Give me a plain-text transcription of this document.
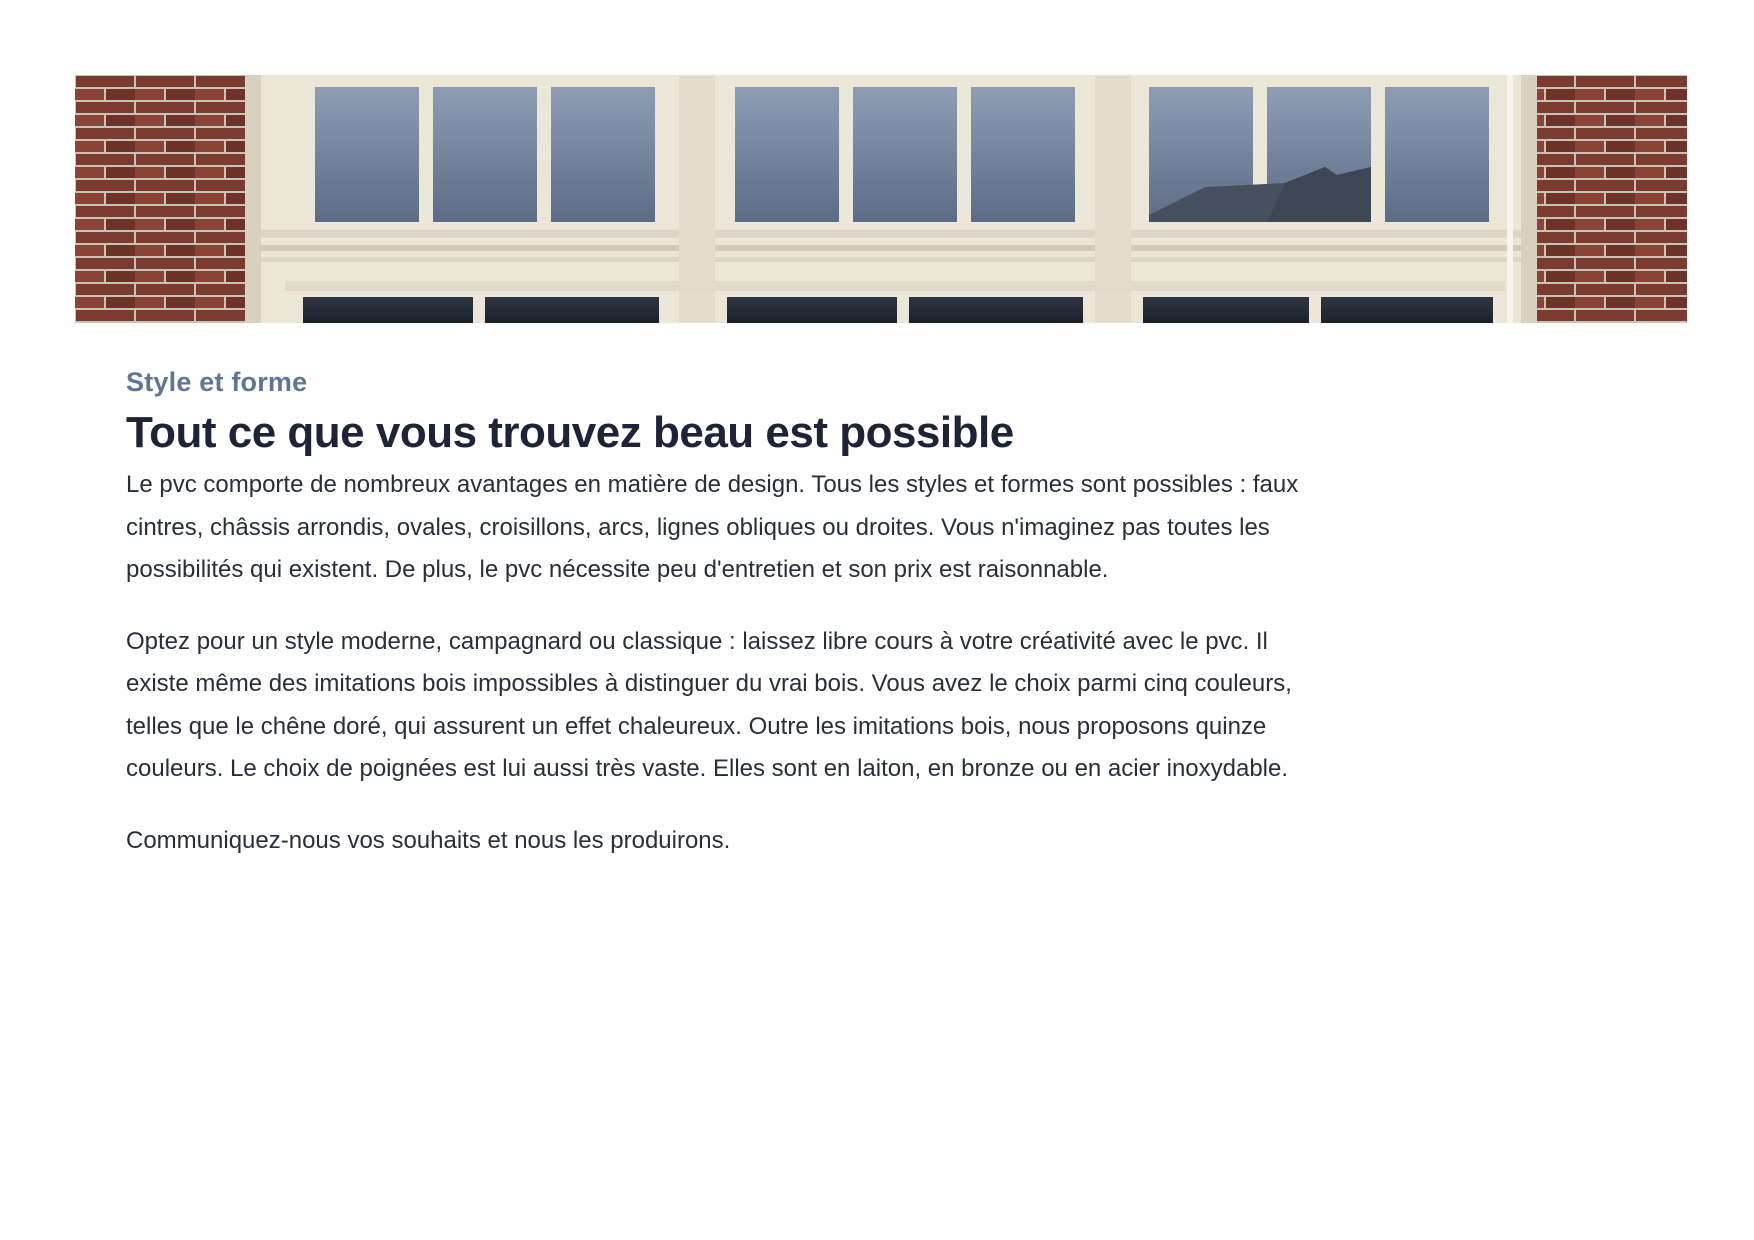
Style et forme

Tout ce que vous trouvez beau est possible

Le pvc comporte de nombreux avantages en matière de design. Tous les styles et formes sont possibles : faux cintres, châssis arrondis, ovales, croisillons, arcs, lignes obliques ou droites. Vous n'imaginez pas toutes les possibilités qui existent. De plus, le pvc nécessite peu d'entretien et son prix est raisonnable.

Optez pour un style moderne, campagnard ou classique : laissez libre cours à votre créativité avec le pvc. Il existe même des imitations bois impossibles à distinguer du vrai bois. Vous avez le choix parmi cinq couleurs, telles que le chêne doré, qui assurent un effet chaleureux. Outre les imitations bois, nous proposons quinze couleurs. Le choix de poignées est lui aussi très vaste. Elles sont en laiton, en bronze ou en acier inoxydable.

Communiquez-nous vos souhaits et nous les produirons.
